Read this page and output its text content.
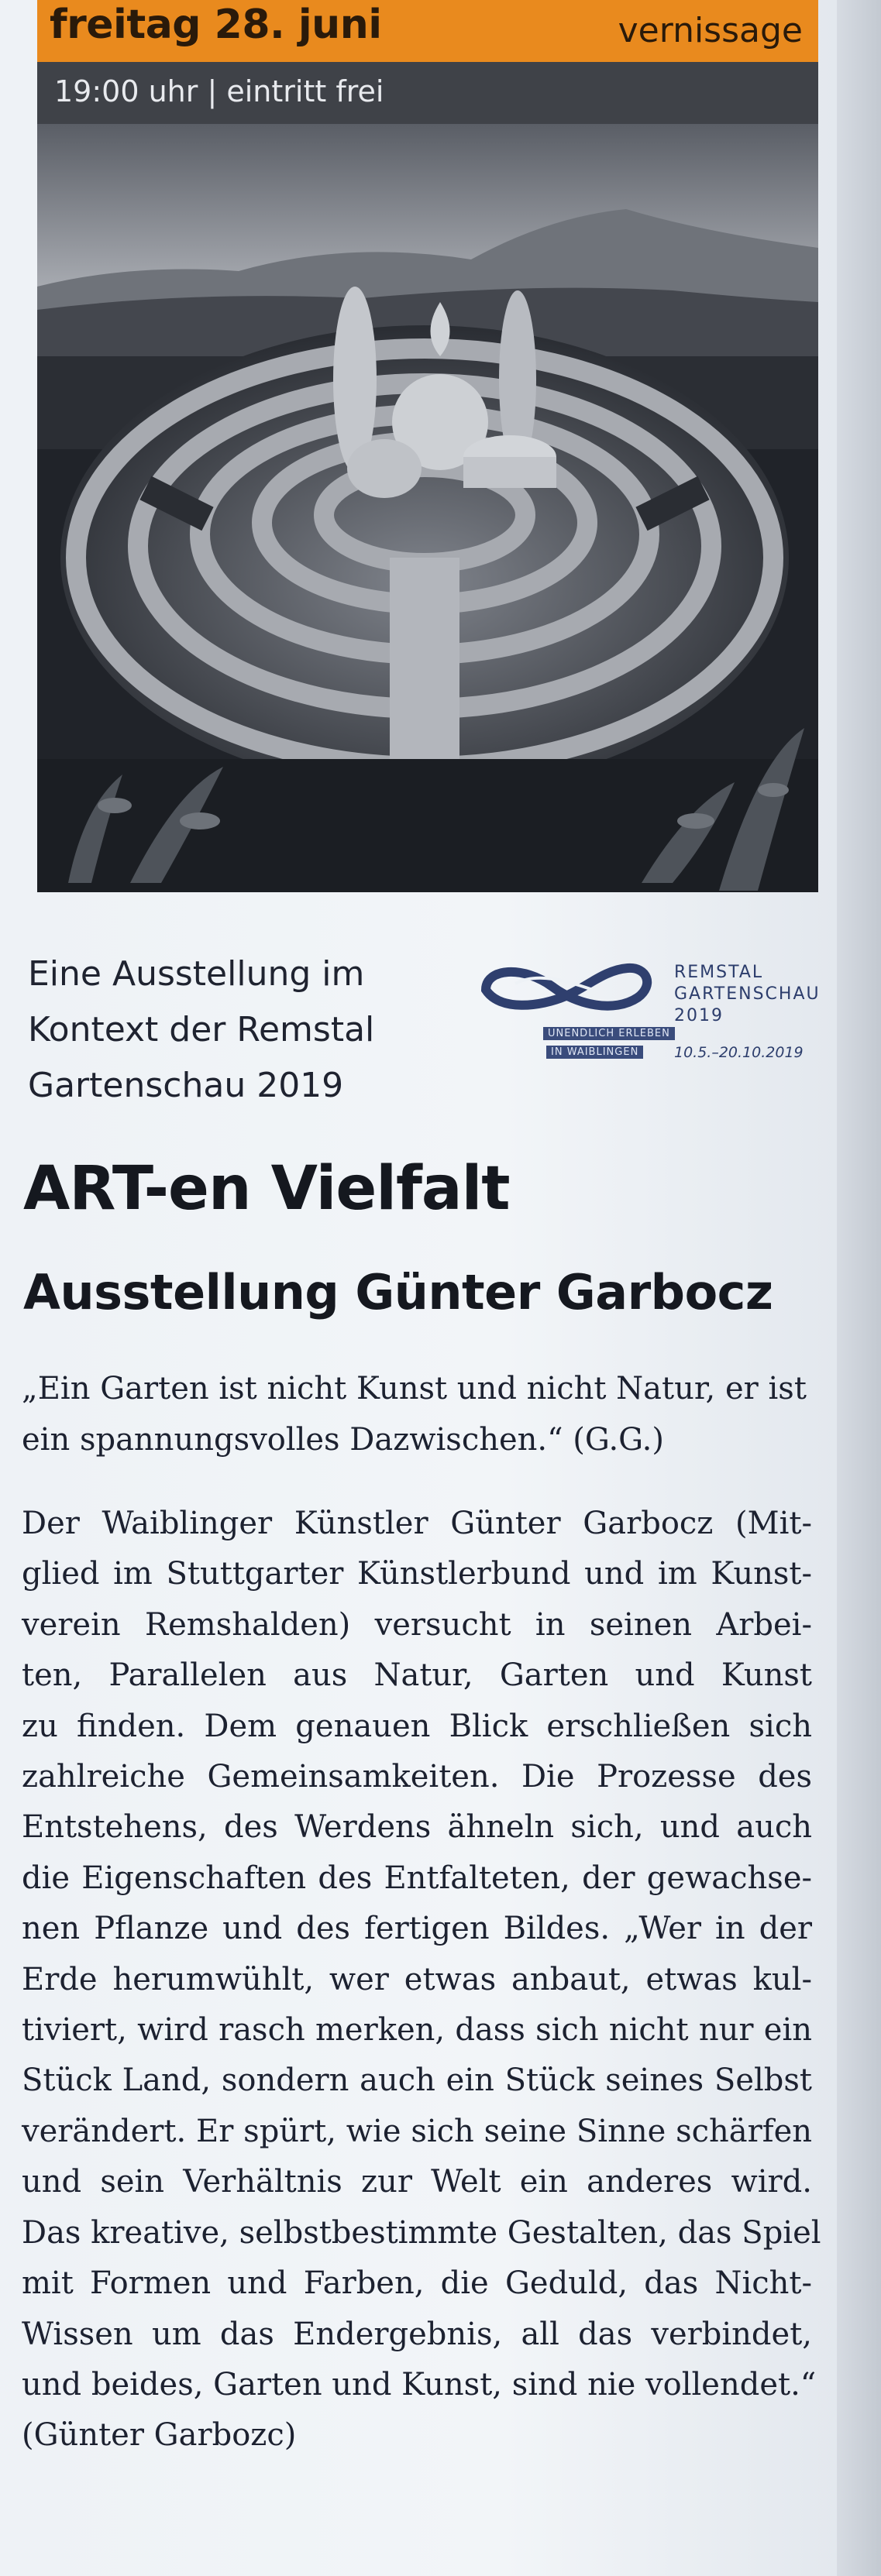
freitag 28. juni	vernissage
19:00 uhr | eintritt frei
Eine Ausstellung im
Kontext der Remstal
Gartenschau 2019
UNENDLICH ERLEBEN
IN WAIBLINGEN
REMSTAL
GARTENSCHAU
2019
10.5.–20.10.2019
ART-en Vielfalt
Ausstellung Günter Garbocz
„Ein Garten ist nicht Kunst und nicht Natur, er ist
ein spannungsvolles Dazwischen.“ (G.G.)
Der Waiblinger Künstler Günter Garbocz (Mit-
glied im Stuttgarter Künstlerbund und im Kunst-
verein Remshalden) versucht in seinen Arbei-
ten, Parallelen aus Natur, Garten und Kunst
zu finden. Dem genauen Blick erschließen sich
zahlreiche Gemeinsamkeiten. Die Prozesse des
Entstehens, des Werdens ähneln sich, und auch
die Eigenschaften des Entfalteten, der gewachse-
nen Pflanze und des fertigen Bildes. „Wer in der
Erde herumwühlt, wer etwas anbaut, etwas kul-
tiviert, wird rasch merken, dass sich nicht nur ein
Stück Land, sondern auch ein Stück seines Selbst
verändert. Er spürt, wie sich seine Sinne schärfen
und sein Verhältnis zur Welt ein anderes wird.
Das kreative, selbstbestimmte Gestalten, das Spiel
mit Formen und Farben, die Geduld, das Nicht-
Wissen um das Endergebnis, all das verbindet,
und beides, Garten und Kunst, sind nie vollendet.“
(Günter Garbozc)
